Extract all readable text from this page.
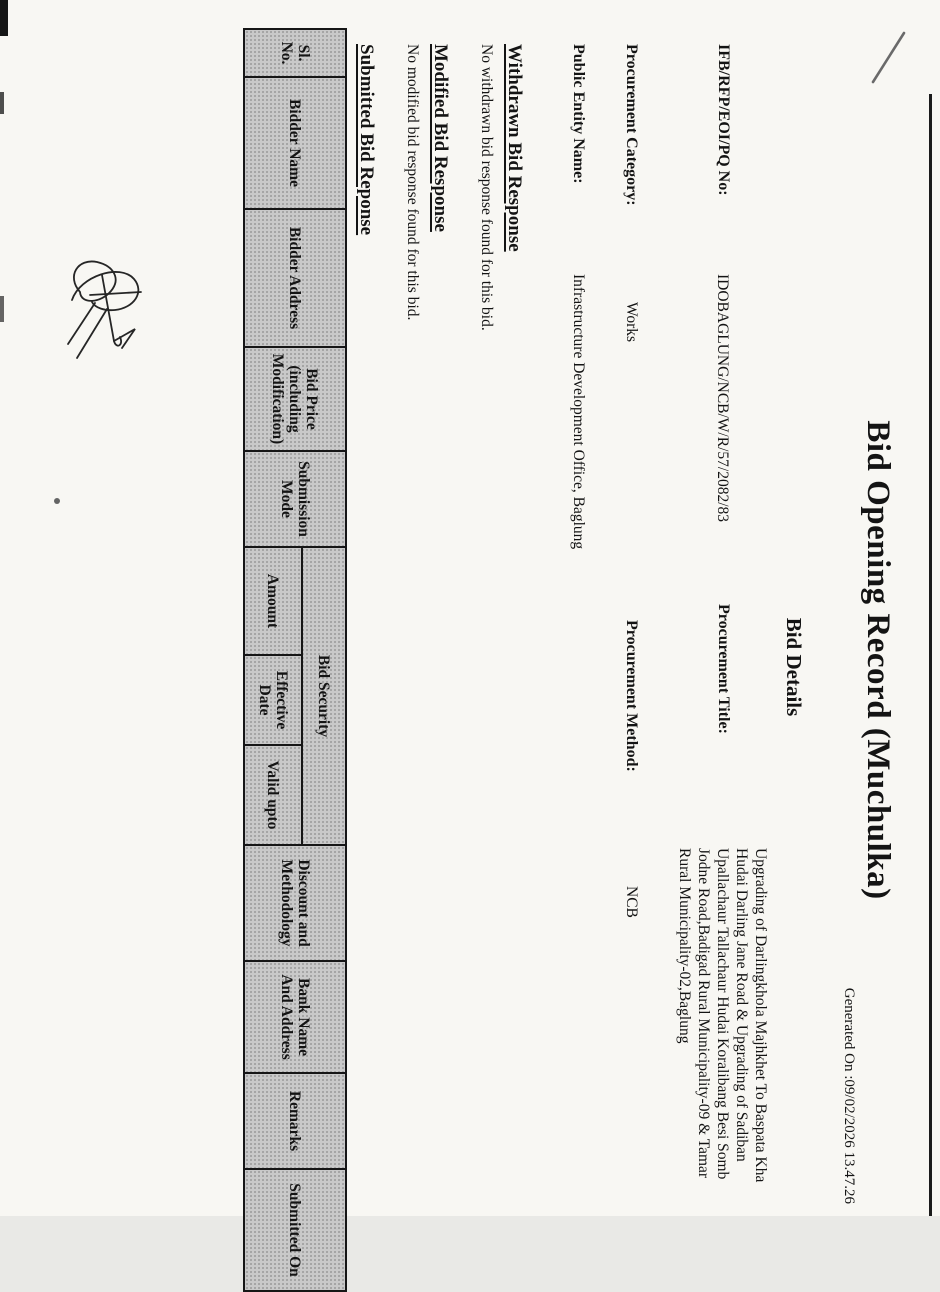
Bid Opening Record (Muchulka)
Generated On :09/02/2026 13.47.26
Bid Details
IFB/RFP/EOI/PQ No:
IDOBAGLUNG/NCB/W/R/57/2082/83
Procurement Title:
Upgrading of Darlingkhola Majhkhet To Baspata Kha
Hudai Darling Jane Road & Upgrading of Sadiban
Upallachaur Tallachaur Hudai Koralibang Besi Somb
Jodne Road,Badigad Rural Municipality-09 & Tamar
Rural Municipality-02,Baglung
Procurement Category:
Works
Procurement Method:
NCB
Public Entity Name:
Infrastructure Development Office, Baglung
Withdrawn Bid Response
No withdrawn bid response found for this bid.
Modified Bid Response
No modified bid response found for this bid.
Submitted Bid Reponse
Sl. No.	Bidder Name	Bidder Address	Bid Price (including Modification)	Submission Mode	Bid Security			Discount and Methodology	Bank Name And Address	Remarks	Submitted On
					Amount	Effective Date	Valid upto				
